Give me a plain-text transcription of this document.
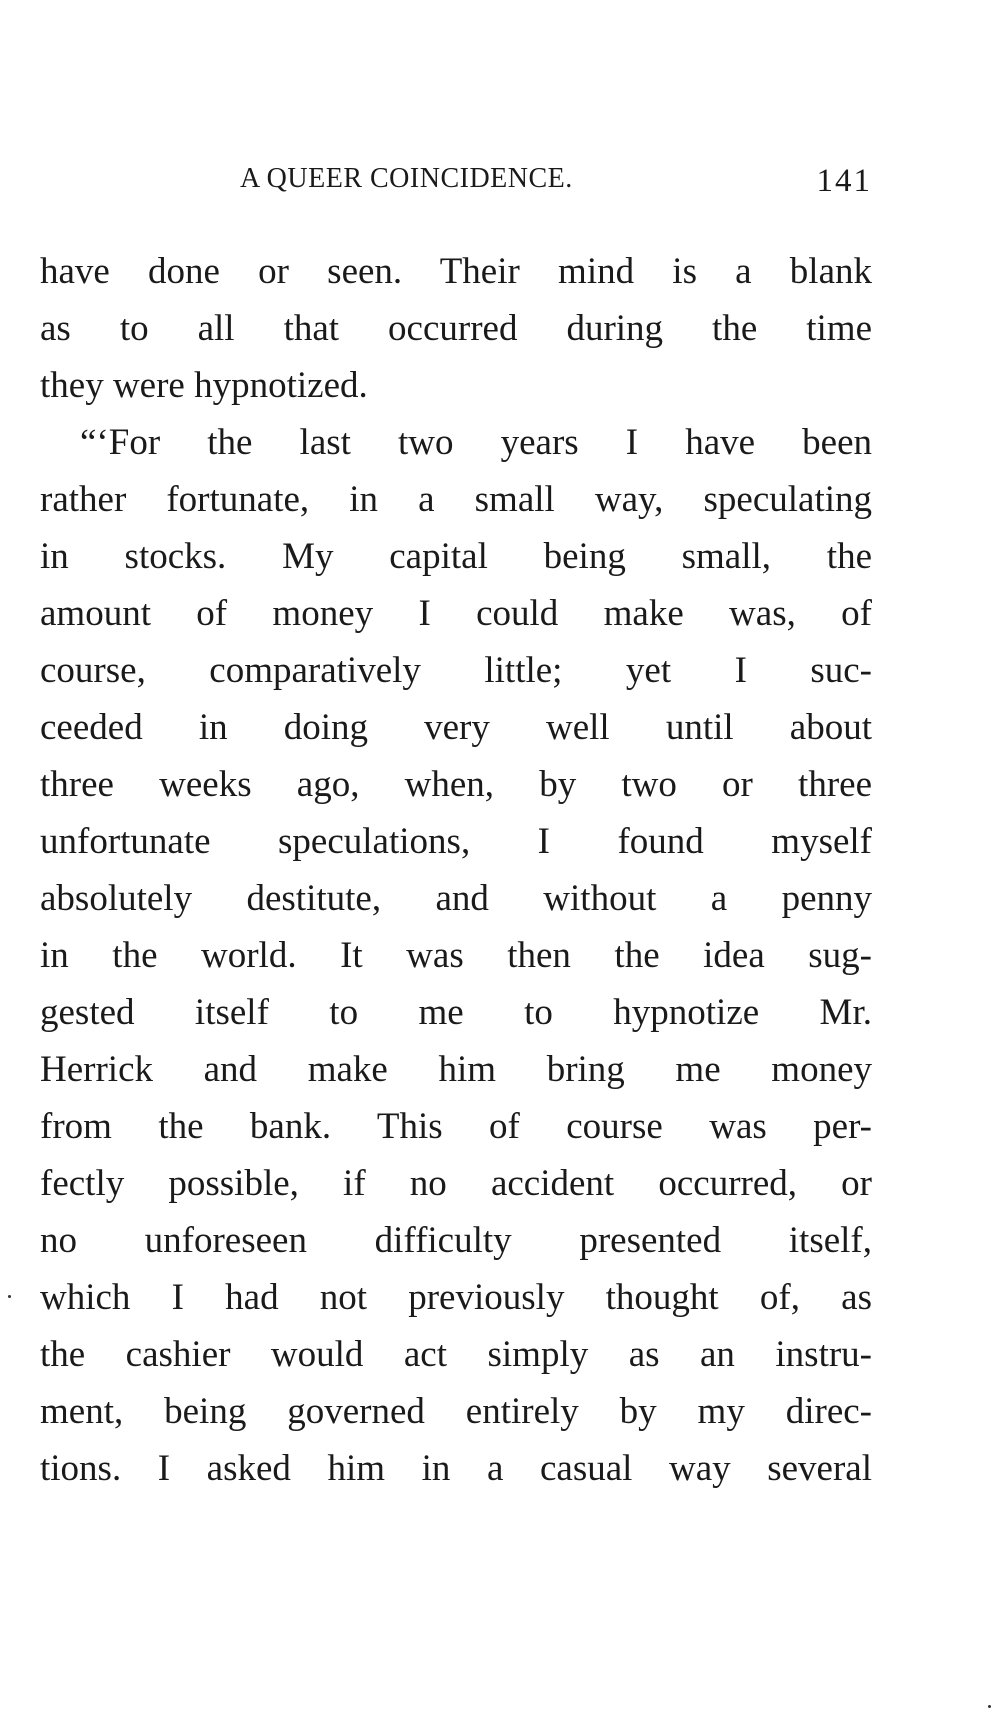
A QUEER COINCIDENCE.	141
have done or seen. Their mind is a blank
as to all that occurred during the time
they were hypnotized.
“‘For the last two years I have been
rather fortunate, in a small way, speculating
in stocks. My capital being small, the
amount of money I could make was, of
course, comparatively little; yet I suc-
ceeded in doing very well until about
three weeks ago, when, by two or three
unfortunate speculations, I found myself
absolutely destitute, and without a penny
in the world. It was then the idea sug-
gested itself to me to hypnotize Mr.
Herrick and make him bring me money
from the bank. This of course was per-
fectly possible, if no accident occurred, or
no unforeseen difficulty presented itself,
which I had not previously thought of, as
the cashier would act simply as an instru-
ment, being governed entirely by my direc-
tions. I asked him in a casual way several
